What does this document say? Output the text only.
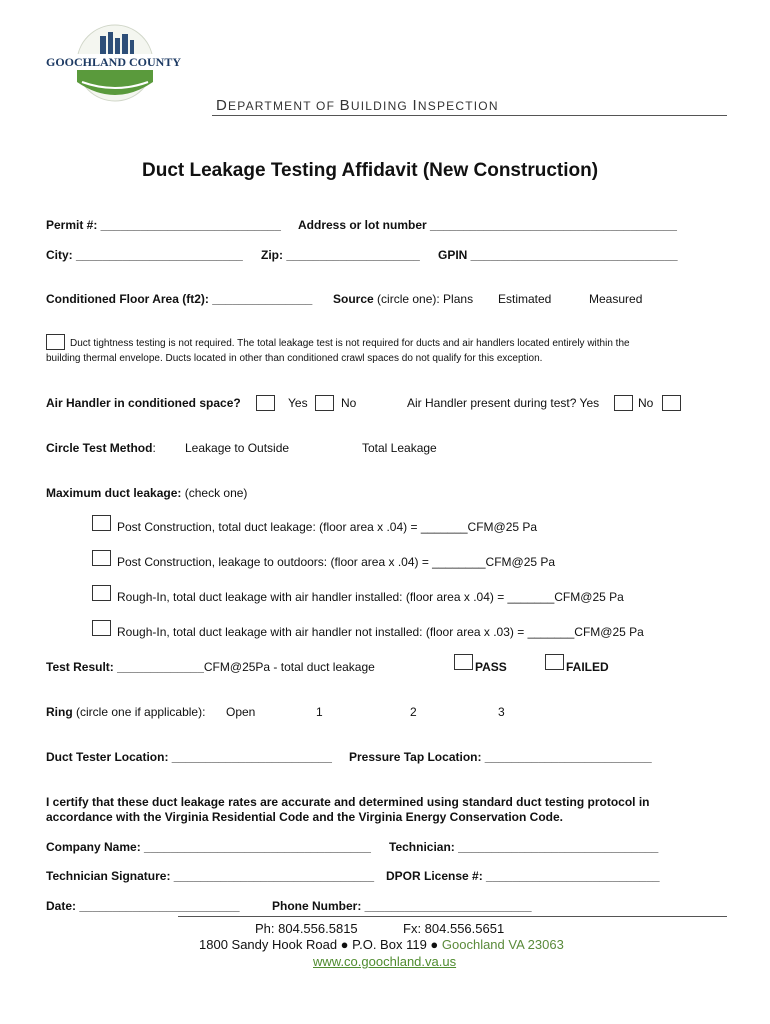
GOOCHLAND COUNTY
DEPARTMENT OF BUILDING INSPECTION
Duct Leakage Testing Affidavit (New Construction)
Permit #: ___________________________ Address or lot number _____________________________________
City: _________________________ Zip: ____________________ GPIN _______________________________
Conditioned Floor Area (ft2): _______________ Source (circle one): Plans Estimated	Measured
Duct tightness testing is not required. The total leakage test is not required for ducts and air handlers located entirely within the
building thermal envelope. Ducts located in other than conditioned crawl spaces do not qualify for this exception.
Air Handler in conditioned space?	Yes	No	Air Handler present during test? Yes	No
Circle Test Method: Leakage to Outside	Total Leakage
Maximum duct leakage: (check one)
Post Construction, total duct leakage: (floor area x .04) = _______CFM@25 Pa
Post Construction, leakage to outdoors: (floor area x .04) = ________CFM@25 Pa
Rough-In, total duct leakage with air handler installed: (floor area x .04) = _______CFM@25 Pa
Rough-In, total duct leakage with air handler not installed: (floor area x .03) = _______CFM@25 Pa
Test Result: _____________CFM@25Pa - total duct leakage	PASS	FAILED
Ring (circle one if applicable): Open	1	2	3
Duct Tester Location: ________________________ Pressure Tap Location: _________________________
I certify that these duct leakage rates are accurate and determined using standard duct testing protocol in
accordance with the Virginia Residential Code and the Virginia Energy Conservation Code.
Company Name: __________________________________ Technician: ______________________________
Technician Signature: ______________________________ DPOR License #: __________________________
Date: ________________________	Phone Number: _________________________
Ph: 804.556.5815	Fx: 804.556.5651
1800 Sandy Hook Road ● P.O. Box 119 ● Goochland VA 23063
www.co.goochland.va.us
